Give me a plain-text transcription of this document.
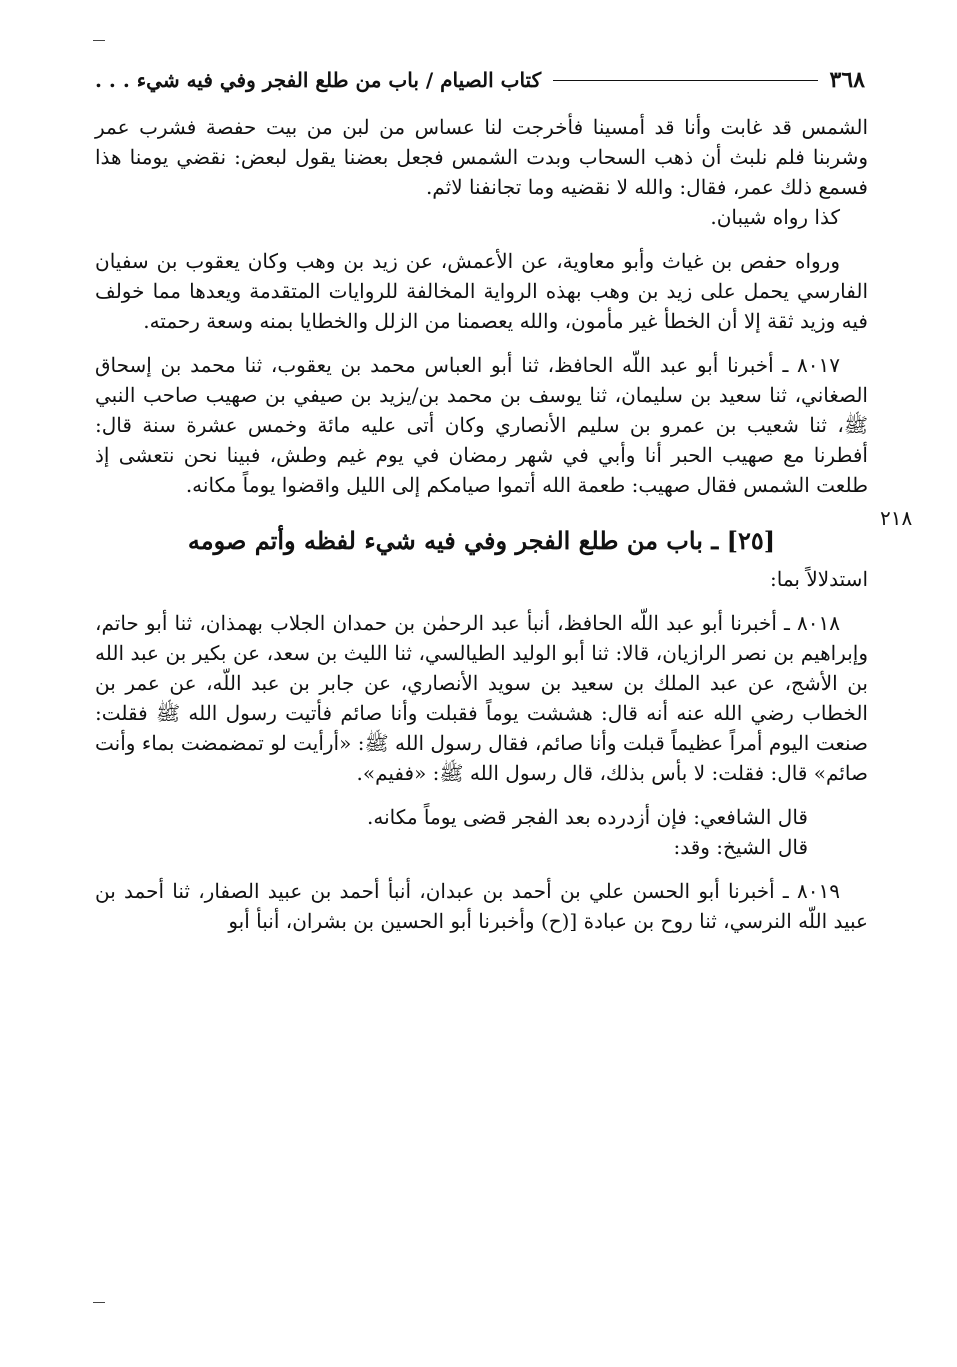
٣٦٨
كتاب الصيام / باب من طلع الفجر وفي فيه شيء . . .
٢١٨

الشمس قد غابت وأنا قد أمسينا فأخرجت لنا عساس من لبن من بيت حفصة فشرب عمر وشربنا فلم نلبث أن ذهب السحاب وبدت الشمس فجعل بعضنا يقول لبعض: نقضي يومنا هذا فسمع ذلك عمر، فقال: والله لا نقضيه وما تجانفنا لاثم.

كذا رواه شيبان.

ورواه حفص بن غياث وأبو معاوية، عن الأعمش، عن زيد بن وهب وكان يعقوب بن سفيان الفارسي يحمل على زيد بن وهب بهذه الرواية المخالفة للروايات المتقدمة ويعدها مما خولف فيه وزيد ثقة إلا أن الخطأ غير مأمون، والله يعصمنا من الزلل والخطايا بمنه وسعة رحمته.

٨٠١٧ ـ أخبرنا أبو عبد اللّه الحافظ، ثنا أبو العباس محمد بن يعقوب، ثنا محمد بن إسحاق الصغاني، ثنا سعيد بن سليمان، ثنا يوسف بن محمد بن/يزيد بن صيفي بن صهيب صاحب النبي ﷺ، ثنا شعيب بن عمرو بن سليم الأنصاري وكان أتى عليه مائة وخمس عشرة سنة قال: أفطرنا مع صهيب الحبر أنا وأبي في شهر رمضان في يوم غيم وطش، فبينا نحن نتعشى إذ طلعت الشمس فقال صهيب: طعمة الله أتموا صيامكم إلى الليل واقضوا يوماً مكانه.

[٢٥] ـ باب من طلع الفجر وفي فيه شيء لفظه وأتم صومه

استدلالاً بما:

٨٠١٨ ـ أخبرنا أبو عبد اللّه الحافظ، أنبأ عبد الرحمٰن بن حمدان الجلاب بهمذان، ثنا أبو حاتم، وإبراهيم بن نصر الرازيان، قالا: ثنا أبو الوليد الطيالسي، ثنا الليث بن سعد، عن بكير بن عبد الله بن الأشج، عن عبد الملك بن سعيد بن سويد الأنصاري، عن جابر بن عبد اللّه، عن عمر بن الخطاب رضي الله عنه أنه قال: هششت يوماً فقبلت وأنا صائم فأتيت رسول الله ﷺ فقلت: صنعت اليوم أمراً عظيماً قبلت وأنا صائم، فقال رسول الله ﷺ: «أرأيت لو تمضمضت بماء وأنت صائم» قال: فقلت: لا بأس بذلك، قال رسول الله ﷺ: «ففيم».

قال الشافعي: فإن أزدرده بعد الفجر قضى يوماً مكانه.

قال الشيخ: وقد:

٨٠١٩ ـ أخبرنا أبو الحسن علي بن أحمد بن عبدان، أنبأ أحمد بن عبيد الصفار، ثنا أحمد بن عبيد اللّه النرسي، ثنا روح بن عبادة [(ح) وأخبرنا أبو الحسين بن بشران، أنبأ أبو
